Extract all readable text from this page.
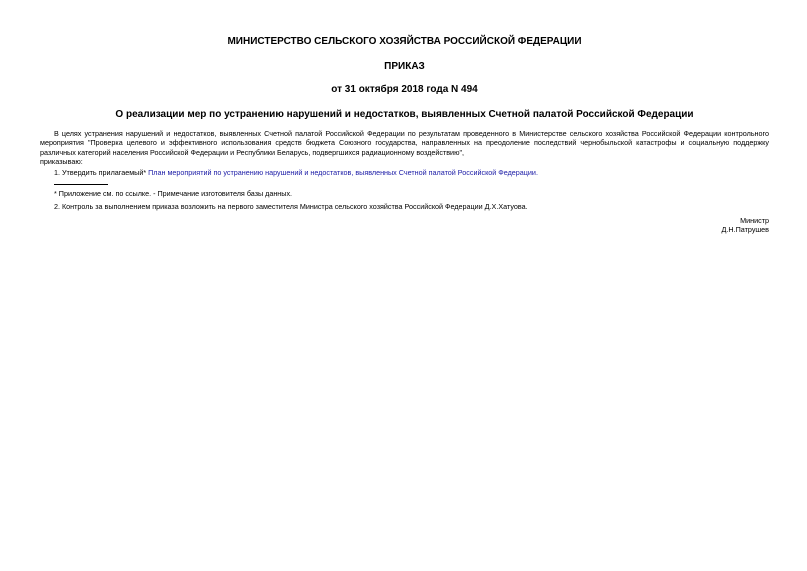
МИНИСТЕРСТВО СЕЛЬСКОГО ХОЗЯЙСТВА РОССИЙСКОЙ ФЕДЕРАЦИИ
ПРИКАЗ
от 31 октября 2018 года N 494
О реализации мер по устранению нарушений и недостатков, выявленных Счетной палатой Российской Федерации

В целях устранения нарушений и недостатков, выявленных Счетной палатой Российской Федерации по результатам проведенного в Министерстве сельского хозяйства Российской Федерации контрольного мероприятия "Проверка целевого и эффективного использования средств бюджета Союзного государства, направленных на преодоление последствий чернобыльской катастрофы и социальную поддержку различных категорий населения Российской Федерации и Республики Беларусь, подвергшихся радиационному воздействию",

приказываю:
1. Утвердить прилагаемый* План мероприятий по устранению нарушений и недостатков, выявленных Счетной палатой Российской Федерации.
* Приложение см. по ссылке. - Примечание изготовителя базы данных.
2. Контроль за выполнением приказа возложить на первого заместителя Министра сельского хозяйства Российской Федерации Д.Х.Хатуова.
Министр
Д.Н.Патрушев
